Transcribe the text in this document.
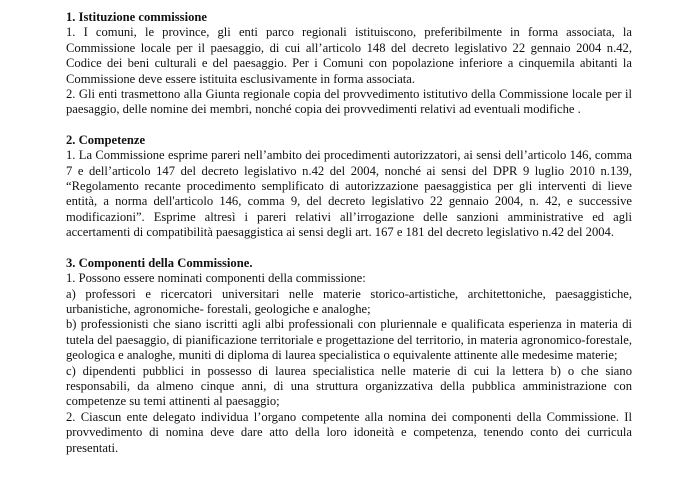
1. Istituzione commissione

1. I comuni, le province, gli enti parco regionali istituiscono, preferibilmente in forma associata, la Commissione locale per il paesaggio, di cui all’articolo 148 del decreto legislativo 22 gennaio 2004 n.42, Codice dei beni culturali e del paesaggio. Per i Comuni con popolazione inferiore a cinquemila abitanti la Commissione deve essere istituita esclusivamente in forma associata.

2. Gli enti trasmettono alla Giunta regionale copia del provvedimento istitutivo della Commissione locale per il paesaggio, delle nomine dei membri, nonché copia dei provvedimenti relativi ad eventuali modifiche .

2. Competenze

1. La Commissione esprime pareri nell’ambito dei procedimenti autorizzatori, ai sensi dell’articolo 146, comma 7 e dell’articolo 147 del decreto legislativo n.42 del 2004, nonché ai sensi del DPR 9 luglio 2010 n.139, “Regolamento recante procedimento semplificato di autorizzazione paesaggistica per gli interventi di lieve entità, a norma dell'articolo 146, comma 9, del decreto legislativo 22 gennaio 2004, n. 42, e successive modificazioni”. Esprime altresì i pareri relativi all’irrogazione delle sanzioni amministrative ed agli accertamenti di compatibilità paesaggistica ai sensi degli art. 167 e 181 del decreto legislativo n.42 del 2004.

3. Componenti della Commissione.

1. Possono essere nominati componenti della commissione:

a) professori e ricercatori universitari nelle materie storico-artistiche, architettoniche, paesaggistiche, urbanistiche, agronomiche- forestali, geologiche e analoghe;

b) professionisti che siano iscritti agli albi professionali con pluriennale e qualificata esperienza in materia di tutela del paesaggio, di pianificazione territoriale e progettazione del territorio, in materia agronomico-forestale, geologica e analoghe, muniti di diploma di laurea specialistica o equivalente attinente alle medesime materie;

c) dipendenti pubblici in possesso di laurea specialistica nelle materie di cui la lettera b) o che siano responsabili, da almeno cinque anni, di una struttura organizzativa della pubblica amministrazione con competenze su temi attinenti al paesaggio;

2. Ciascun ente delegato individua l’organo competente alla nomina dei componenti della Commissione. Il provvedimento di nomina deve dare atto della loro idoneità e competenza, tenendo conto dei curricula presentati.
